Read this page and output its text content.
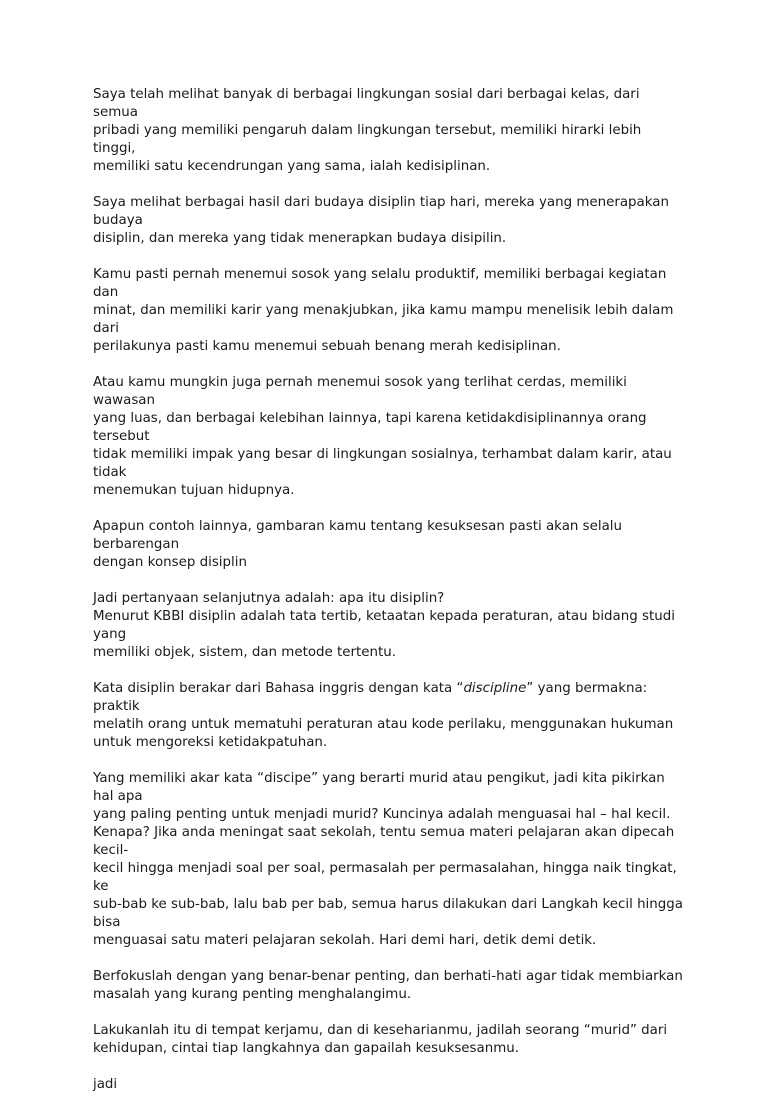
Saya telah melihat banyak di berbagai lingkungan sosial dari berbagai kelas, dari semua
pribadi yang memiliki pengaruh dalam lingkungan tersebut, memiliki hirarki lebih tinggi,
memiliki satu kecendrungan yang sama, ialah kedisiplinan.

Saya melihat berbagai hasil dari budaya disiplin tiap hari, mereka yang menerapakan budaya
disiplin, dan mereka yang tidak menerapkan budaya disipilin.

Kamu pasti pernah menemui sosok yang selalu produktif, memiliki berbagai kegiatan dan
minat, dan memiliki karir yang menakjubkan, jika kamu mampu menelisik lebih dalam dari
perilakunya pasti kamu menemui sebuah benang merah kedisiplinan.

Atau kamu mungkin juga pernah menemui sosok yang terlihat cerdas, memiliki wawasan
yang luas, dan berbagai kelebihan lainnya, tapi karena ketidakdisiplinannya orang tersebut
tidak memiliki impak yang besar di lingkungan sosialnya, terhambat dalam karir, atau tidak
menemukan tujuan hidupnya.

Apapun contoh lainnya, gambaran kamu tentang kesuksesan pasti akan selalu berbarengan
dengan konsep disiplin

Jadi pertanyaan selanjutnya adalah: apa itu disiplin?

Menurut KBBI disiplin adalah tata tertib, ketaatan kepada peraturan, atau bidang studi yang
memiliki objek, sistem, dan metode tertentu.

Kata disiplin berakar dari Bahasa inggris dengan kata “discipline” yang bermakna: praktik
melatih orang untuk mematuhi peraturan atau kode perilaku, menggunakan hukuman
untuk mengoreksi ketidakpatuhan.

Yang memiliki akar kata “discipe” yang berarti murid atau pengikut, jadi kita pikirkan hal apa
yang paling penting untuk menjadi murid? Kuncinya adalah menguasai hal – hal kecil.
Kenapa? Jika anda meningat saat sekolah, tentu semua materi pelajaran akan dipecah kecil-
kecil hingga menjadi soal per soal, permasalah per permasalahan, hingga naik tingkat, ke
sub-bab ke sub-bab, lalu bab per bab, semua harus dilakukan dari Langkah kecil hingga bisa
menguasai satu materi pelajaran sekolah. Hari demi hari, detik demi detik.

Berfokuslah dengan yang benar-benar penting, dan berhati-hati agar tidak membiarkan
masalah yang kurang penting menghalangimu.

Lakukanlah itu di tempat kerjamu, dan di keseharianmu, jadilah seorang “murid” dari
kehidupan, cintai tiap langkahnya dan gapailah kesuksesanmu.

jadi
